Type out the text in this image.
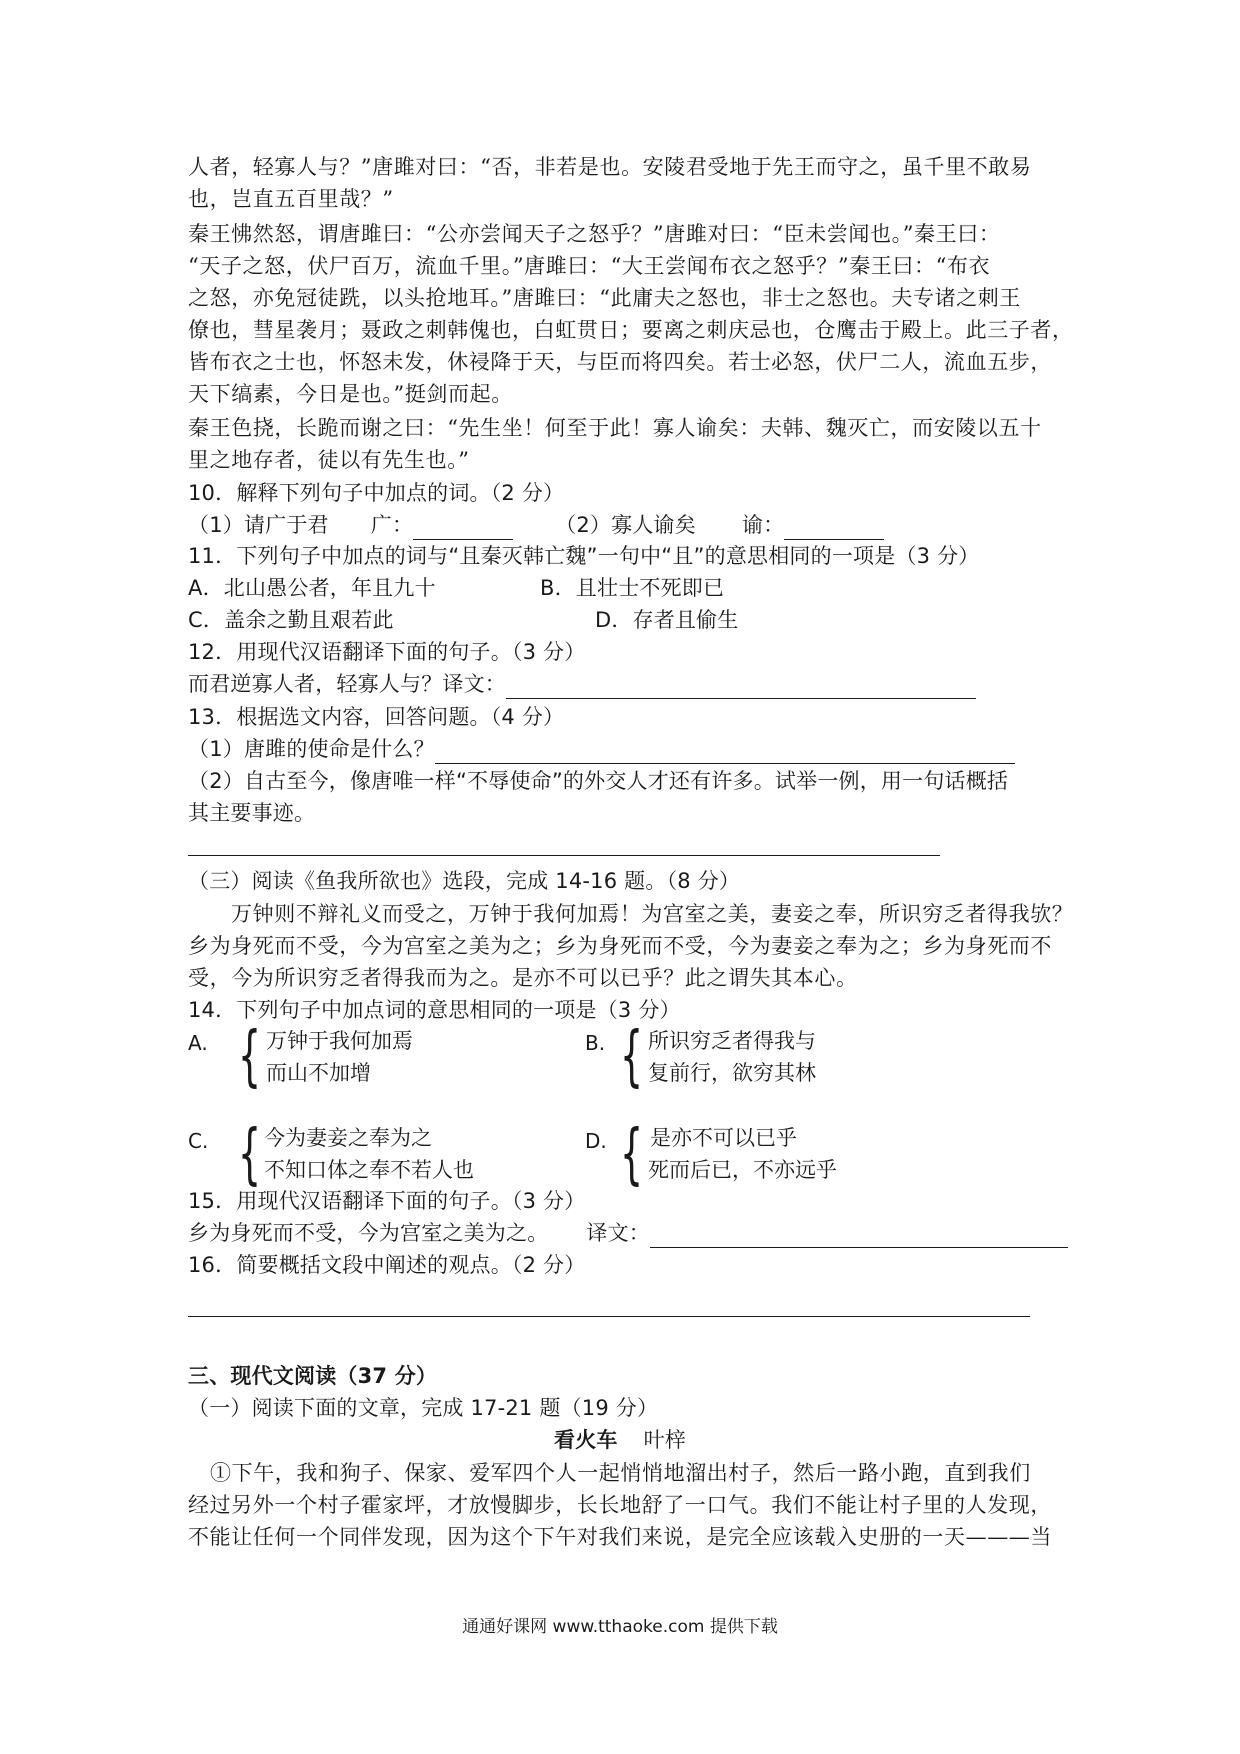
人者，轻寡人与？”唐雎对曰：“否，非若是也。安陵君受地于先王而守之，虽千里不敢易
也，岂直五百里哉？”
秦王怫然怒，谓唐雎曰：“公亦尝闻天子之怒乎？”唐雎对曰：“臣未尝闻也。”秦王曰：
“天子之怒，伏尸百万，流血千里。”唐雎曰：“大王尝闻布衣之怒乎？”秦王曰：“布衣
之怒，亦免冠徒跣，以头抢地耳。”唐雎曰：“此庸夫之怒也，非士之怒也。夫专诸之刺王
僚也，彗星袭月；聂政之刺韩傀也，白虹贯日；要离之刺庆忌也，仓鹰击于殿上。此三子者，
皆布衣之士也，怀怒未发，休祲降于天，与臣而将四矣。若士必怒，伏尸二人，流血五步，
天下缟素，今日是也。”挺剑而起。
秦王色挠，长跪而谢之曰：“先生坐！何至于此！寡人谕矣：夫韩、魏灭亡，而安陵以五十
里之地存者，徒以有先生也。”
10．解释下列句子中加点的词。（2 分）
（1）请广于君 广：	（2）寡人谕矣 谕：
11．下列句子中加点的词与“且秦灭韩亡魏”一句中“且”的意思相同的一项是（3 分）
A．北山愚公者，年且九十	B．且壮士不死即已
C．盖余之勤且艰若此	D．存者且偷生
12．用现代汉语翻译下面的句子。（3 分）
而君逆寡人者，轻寡人与？译文：
13．根据选文内容，回答问题。（4 分）
（1）唐雎的使命是什么？
（2）自古至今，像唐唯一样“不辱使命”的外交人才还有许多。试举一例，用一句话概括
其主要事迹。
（三）阅读《鱼我所欲也》选段，完成 14-16 题。（8 分）
万钟则不辩礼义而受之，万钟于我何加焉！为宫室之美，妻妾之奉，所识穷乏者得我欤？
乡为身死而不受，今为宫室之美为之；乡为身死而不受，今为妻妾之奉为之；乡为身死而不
受，今为所识穷乏者得我而为之。是亦不可以已乎？此之谓失其本心。
14．下列句子中加点词的意思相同的一项是（3 分）
A. { 万钟于我何加焉
而山不加增
B. { 所识穷乏者得我与
复前行，欲穷其林
C. { 今为妻妾之奉为之
不知口体之奉不若人也
D. { 是亦不可以已乎
死而后已，不亦远乎
15．用现代汉语翻译下面的句子。（3 分）
乡为身死而不受，今为宫室之美为之。 译文：
16．简要概括文段中阐述的观点。（2 分）
三、现代文阅读（37 分）
（一）阅读下面的文章，完成 17-21 题（19 分）
看火车 叶梓
①下午，我和狗子、保家、爱军四个人一起悄悄地溜出村子，然后一路小跑，直到我们
经过另外一个村子霍家坪，才放慢脚步，长长地舒了一口气。我们不能让村子里的人发现，
不能让任何一个同伴发现，因为这个下午对我们来说，是完全应该载入史册的一天———当
通通好课网 www.tthaoke.com 提供下载
